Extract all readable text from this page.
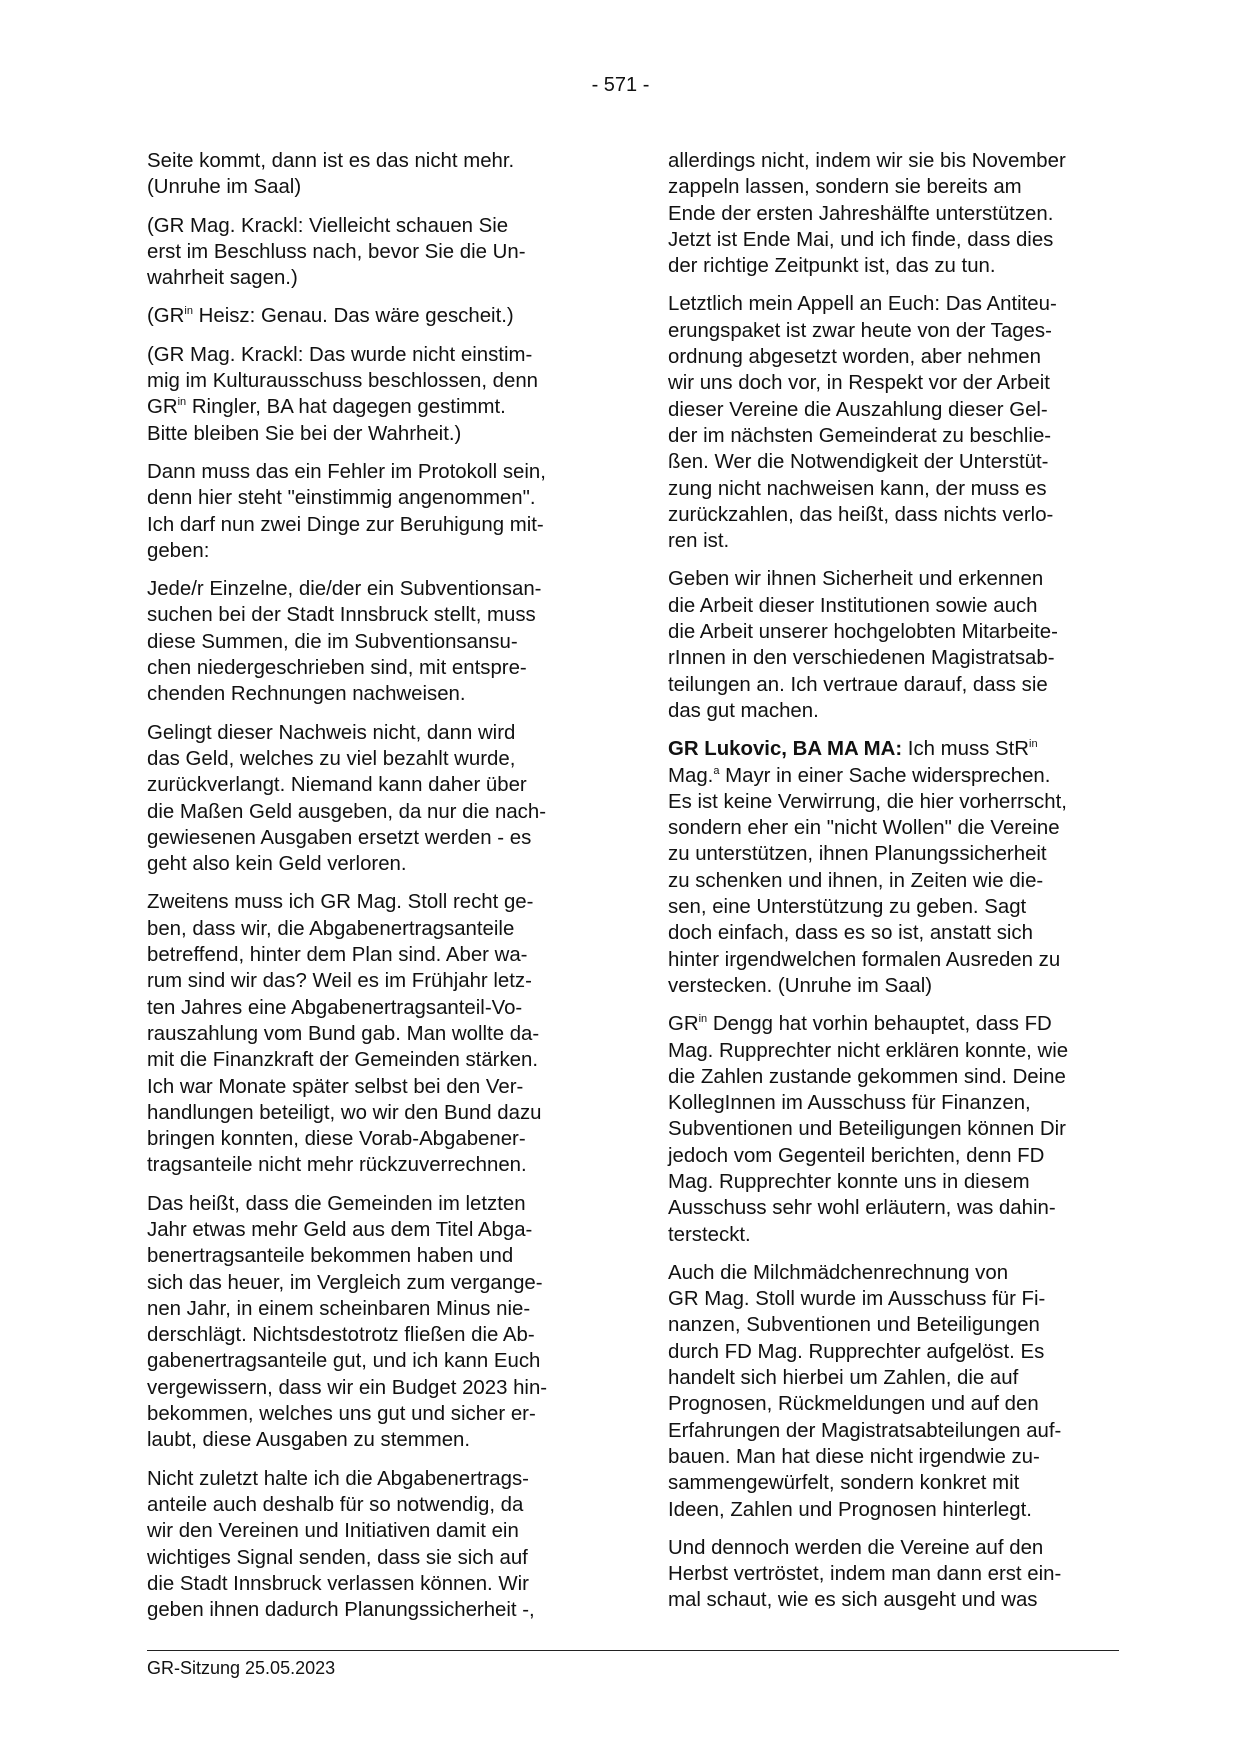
- 571 -

Seite kommt, dann ist es das nicht mehr.
(Unruhe im Saal)

(GR Mag. Krackl: Vielleicht schauen Sie
erst im Beschluss nach, bevor Sie die Un-
wahrheit sagen.)

($GR^{in}$ Heisz: Genau. Das wäre gescheit.)

(GR Mag. Krackl: Das wurde nicht einstim-
mig im Kulturausschuss beschlossen, denn
$GR^{in}$ Ringler, BA hat dagegen gestimmt.
Bitte bleiben Sie bei der Wahrheit.)

Dann muss das ein Fehler im Protokoll sein,
denn hier steht "einstimmig angenommen".
Ich darf nun zwei Dinge zur Beruhigung mit-
geben:

Jede/r Einzelne, die/der ein Subventionsan-
suchen bei der Stadt Innsbruck stellt, muss
diese Summen, die im Subventionsansu-
chen niedergeschrieben sind, mit entspre-
chenden Rechnungen nachweisen.

Gelingt dieser Nachweis nicht, dann wird
das Geld, welches zu viel bezahlt wurde,
zurückverlangt. Niemand kann daher über
die Maßen Geld ausgeben, da nur die nach-
gewiesenen Ausgaben ersetzt werden - es
geht also kein Geld verloren.

Zweitens muss ich GR Mag. Stoll recht ge-
ben, dass wir, die Abgabenertragsanteile
betreffend, hinter dem Plan sind. Aber wa-
rum sind wir das? Weil es im Frühjahr letz-
ten Jahres eine Abgabenertragsanteil-Vo-
rauszahlung vom Bund gab. Man wollte da-
mit die Finanzkraft der Gemeinden stärken.
Ich war Monate später selbst bei den Ver-
handlungen beteiligt, wo wir den Bund dazu
bringen konnten, diese Vorab-Abgabener-
tragsanteile nicht mehr rückzuverrechnen.

Das heißt, dass die Gemeinden im letzten
Jahr etwas mehr Geld aus dem Titel Abga-
benertragsanteile bekommen haben und
sich das heuer, im Vergleich zum vergange-
nen Jahr, in einem scheinbaren Minus nie-
derschlägt. Nichtsdestotrotz fließen die Ab-
gabenertragsanteile gut, und ich kann Euch
vergewissern, dass wir ein Budget 2023 hin-
bekommen, welches uns gut und sicher er-
laubt, diese Ausgaben zu stemmen.

Nicht zuletzt halte ich die Abgabenertrags-
anteile auch deshalb für so notwendig, da
wir den Vereinen und Initiativen damit ein
wichtiges Signal senden, dass sie sich auf
die Stadt Innsbruck verlassen können. Wir
geben ihnen dadurch Planungssicherheit -,

allerdings nicht, indem wir sie bis November
zappeln lassen, sondern sie bereits am
Ende der ersten Jahreshälfte unterstützen.
Jetzt ist Ende Mai, und ich finde, dass dies
der richtige Zeitpunkt ist, das zu tun.

Letztlich mein Appell an Euch: Das Antiteu-
erungspaket ist zwar heute von der Tages-
ordnung abgesetzt worden, aber nehmen
wir uns doch vor, in Respekt vor der Arbeit
dieser Vereine die Auszahlung dieser Gel-
der im nächsten Gemeinderat zu beschlie-
ßen. Wer die Notwendigkeit der Unterstüt-
zung nicht nachweisen kann, der muss es
zurückzahlen, das heißt, dass nichts verlo-
ren ist.

Geben wir ihnen Sicherheit und erkennen
die Arbeit dieser Institutionen sowie auch
die Arbeit unserer hochgelobten Mitarbeite-
rInnen in den verschiedenen Magistratsab-
teilungen an. Ich vertraue darauf, dass sie
das gut machen.

GR Lukovic, BA MA MA: Ich muss StR$^{in}$
Mag.$^a$ Mayr in einer Sache widersprechen.
Es ist keine Verwirrung, die hier vorherrscht,
sondern eher ein "nicht Wollen" die Vereine
zu unterstützen, ihnen Planungssicherheit
zu schenken und ihnen, in Zeiten wie die-
sen, eine Unterstützung zu geben. Sagt
doch einfach, dass es so ist, anstatt sich
hinter irgendwelchen formalen Ausreden zu
verstecken. (Unruhe im Saal)

$GR^{in}$ Dengg hat vorhin behauptet, dass FD
Mag. Rupprechter nicht erklären konnte, wie
die Zahlen zustande gekommen sind. Deine
KollegInnen im Ausschuss für Finanzen,
Subventionen und Beteiligungen können Dir
jedoch vom Gegenteil berichten, denn FD
Mag. Rupprechter konnte uns in diesem
Ausschuss sehr wohl erläutern, was dahin-
tersteckt.

Auch die Milchmädchenrechnung von
GR Mag. Stoll wurde im Ausschuss für Fi-
nanzen, Subventionen und Beteiligungen
durch FD Mag. Rupprechter aufgelöst. Es
handelt sich hierbei um Zahlen, die auf
Prognosen, Rückmeldungen und auf den
Erfahrungen der Magistratsabteilungen auf-
bauen. Man hat diese nicht irgendwie zu-
sammengewürfelt, sondern konkret mit
Ideen, Zahlen und Prognosen hinterlegt.

Und dennoch werden die Vereine auf den
Herbst vertröstet, indem man dann erst ein-
mal schaut, wie es sich ausgeht und was

GR-Sitzung 25.05.2023
